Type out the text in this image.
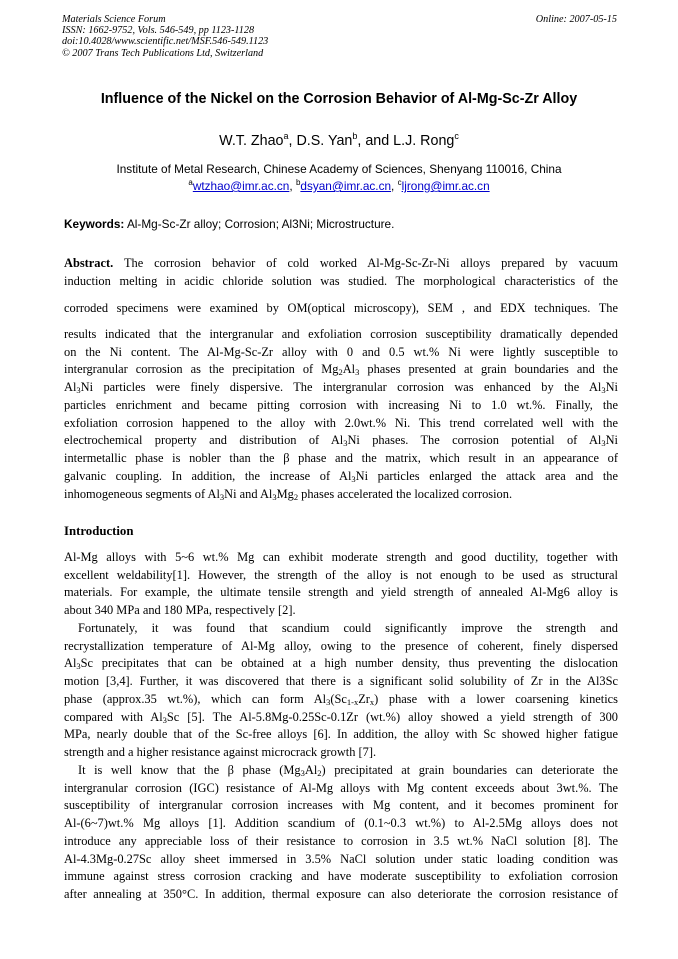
Materials Science Forum
ISSN: 1662-9752, Vols. 546-549, pp 1123-1128
doi:10.4028/www.scientific.net/MSF.546-549.1123
© 2007 Trans Tech Publications Ltd, Switzerland
Online: 2007-05-15
Influence of the Nickel on the Corrosion Behavior of Al-Mg-Sc-Zr Alloy
W.T. Zhao$^a$, D.S. Yan$^b$, and L.J. Rong$^c$
Institute of Metal Research, Chinese Academy of Sciences, Shenyang 110016, China
$^a$wtzhao@imr.ac.cn, $^b$dsyan@imr.ac.cn, $^c$ljrong@imr.ac.cn
Keywords: Al-Mg-Sc-Zr alloy; Corrosion; Al3Ni; Microstructure.
Abstract. The corrosion behavior of cold worked Al-Mg-Sc-Zr-Ni alloys prepared by vacuum
induction melting in acidic chloride solution was studied. The morphological characteristics of the
corroded specimens were examined by OM(optical microscopy), SEM , and EDX techniques. The
results indicated that the intergranular and exfoliation corrosion susceptibility dramatically depended
on the Ni content. The Al-Mg-Sc-Zr alloy with 0 and 0.5 wt.% Ni were lightly susceptible to
intergranular corrosion as the precipitation of $Mg_2Al_3$ phases presented at grain boundaries and the
$Al_3Ni$ particles were finely dispersive. The intergranular corrosion was enhanced by the $Al_3Ni$
particles enrichment and became pitting corrosion with increasing Ni to 1.0 wt.%. Finally, the
exfoliation corrosion happened to the alloy with 2.0wt.% Ni. This trend correlated well with the
electrochemical property and distribution of $Al_3Ni$ phases. The corrosion potential of $Al_3Ni$
intermetallic phase is nobler than the β phase and the matrix, which result in an appearance of
galvanic coupling. In addition, the increase of $Al_3Ni$ particles enlarged the attack area and the
inhomogeneous segments of $Al_3Ni$ and $Al_3Mg_2$ phases accelerated the localized corrosion.
Introduction
Al-Mg alloys with 5~6 wt.% Mg can exhibit moderate strength and good ductility, together with
excellent weldability[1]. However, the strength of the alloy is not enough to be used as structural
materials. For example, the ultimate tensile strength and yield strength of annealed Al-Mg6 alloy is
about 340 MPa and 180 MPa, respectively [2].
Fortunately, it was found that scandium could significantly improve the strength and
recrystallization temperature of Al-Mg alloy, owing to the presence of coherent, finely dispersed
$Al_3Sc$ precipitates that can be obtained at a high number density, thus preventing the dislocation
motion [3,4]. Further, it was discovered that there is a significant solid solubility of Zr in the Al3Sc
phase (approx.35 wt.%), which can form $Al_3(Sc_{1-x}Zr_x)$ phase with a lower coarsening kinetics
compared with $Al_3Sc$ [5]. The Al-5.8Mg-0.25Sc-0.1Zr (wt.%) alloy showed a yield strength of 300
MPa, nearly double that of the Sc-free alloys [6]. In addition, the alloy with Sc showed higher fatigue
strength and a higher resistance against microcrack growth [7].
It is well know that the β phase $(Mg_3Al_2)$ precipitated at grain boundaries can deteriorate the
intergranular corrosion (IGC) resistance of Al-Mg alloys with Mg content exceeds about 3wt.%. The
susceptibility of intergranular corrosion increases with Mg content, and it becomes prominent for
Al-(6~7)wt.% Mg alloys [1]. Addition scandium of (0.1~0.3 wt.%) to Al-2.5Mg alloys does not
introduce any appreciable loss of their resistance to corrosion in 3.5 wt.% NaCl solution [8]. The
Al-4.3Mg-0.27Sc alloy sheet immersed in 3.5% NaCl solution under static loading condition was
immune against stress corrosion cracking and have moderate susceptibility to exfoliation corrosion
after annealing at 350°C. In addition, thermal exposure can also deteriorate the corrosion resistance of
